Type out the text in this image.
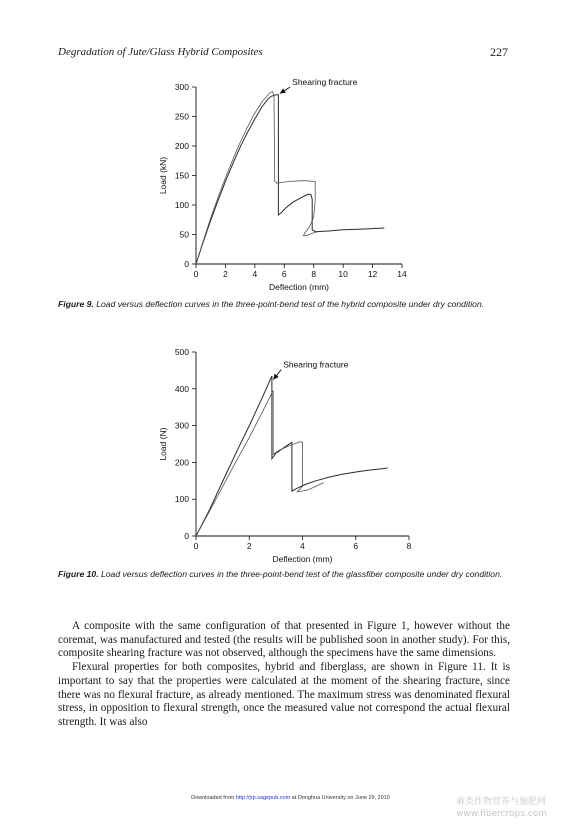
Degradation of Jute/Glass Hybrid Composites	227
0	2	4	6	8	10 12 14
0
50
100
150
200
250
300
Deflection (mm)
Load (kN)
Shearing fracture
0	2	4	6	8
0
100
200
300
400
500
Deflection (mm)
Load (N)
Shearing fracture
Figure 9. Load versus deflection curves in the three-point-bend test of the hybrid composite under dry condition.
Figure 10. Load versus deflection curves in the three-point-bend test of the glassfiber composite under dry condition.

A composite with the same configuration of that presented in Figure 1, however without the coremat, was manufactured and tested (the results will be published soon in another study). For this, composite shearing fracture was not observed, although the specimens have the same dimensions.

Flexural properties for both composites, hybrid and fiberglass, are shown in Figure 11. It is important to say that the properties were calculated at the moment of the shearing fracture, since there was no flexural fracture, as already mentioned. The maximum stress was denominated flexural stress, in opposition to flexural strength, once the measured value not correspond the actual flexural strength. It was also

Downloaded from http://jrp.sagepub.com at Donghua University on June 29, 2010	麻类作物营养与施肥网
www.fibercrops.com
